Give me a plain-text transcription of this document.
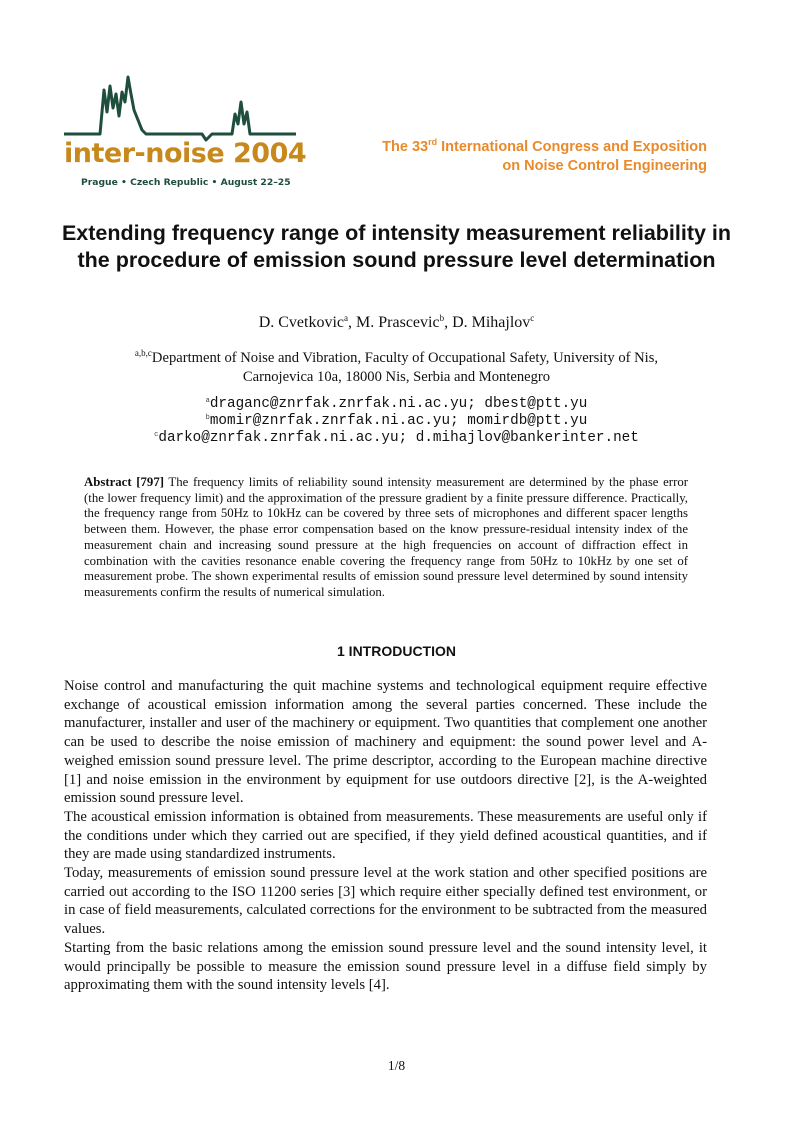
inter-noise 2004
Prague • Czech Republic • August 22–25
The 33rd International Congress and Exposition
on Noise Control Engineering
Extending frequency range of intensity measurement reliability in the procedure of emission sound pressure level determination
D. Cvetkovic$^a$, M. Prascevic$^b$, D. Mihajlov$^c$
$^{a,b,c}$Department of Noise and Vibration, Faculty of Occupational Safety, University of Nis,
Carnojevica 10a, 18000 Nis, Serbia and Montenegro
$^a$draganc@znrfak.znrfak.ni.ac.yu; dbest@ptt.yu
$^b$momir@znrfak.znrfak.ni.ac.yu; momirdb@ptt.yu
$^c$darko@znrfak.znrfak.ni.ac.yu; d.mihajlov@bankerinter.net
Abstract [797] The frequency limits of reliability sound intensity measurement are determined by the phase error (the lower frequency limit) and the approximation of the pressure gradient by a finite pressure difference. Practically, the frequency range from 50Hz to 10kHz can be covered by three sets of microphones and different spacer lengths between them. However, the phase error compensation based on the know pressure-residual intensity index of the measurement chain and increasing sound pressure at the high frequencies on account of diffraction effect in combination with the cavities resonance enable covering the frequency range from 50Hz to 10kHz by one set of measurement probe. The shown experimental results of emission sound pressure level determined by sound intensity measurements confirm the results of numerical simulation.
1 INTRODUCTION

Noise control and manufacturing the quit machine systems and technological equipment require effective exchange of acoustical emission information among the several parties concerned. These include the manufacturer, installer and user of the machinery or equipment. Two quantities that complement one another can be used to describe the noise emission of machinery and equipment: the sound power level and A-weighed emission sound pressure level. The prime descriptor, according to the European machine directive [1] and noise emission in the environment by equipment for use outdoors directive [2], is the A-weighted emission sound pressure level.

The acoustical emission information is obtained from measurements. These measurements are useful only if the conditions under which they carried out are specified, if they yield defined acoustical quantities, and if they are made using standardized instruments.

Today, measurements of emission sound pressure level at the work station and other specified positions are carried out according to the ISO 11200 series [3] which require either specially defined test environment, or in case of field measurements, calculated corrections for the environment to be subtracted from the measured values.

Starting from the basic relations among the emission sound pressure level and the sound intensity level, it would principally be possible to measure the emission sound pressure level in a diffuse field simply by approximating them with the sound intensity levels [4].

1/8
